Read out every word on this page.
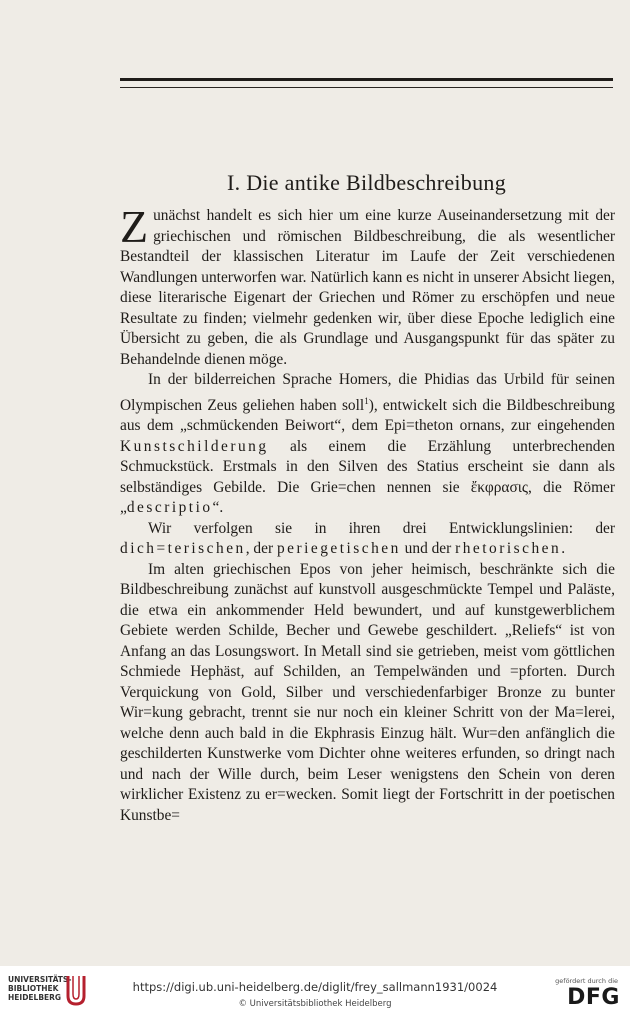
I. Die antike Bildbeschreibung

Zunächst handelt es sich hier um eine kurze Auseinandersetzung mit der griechischen und römischen Bildbeschreibung, die als wesentlicher Bestandteil der klassischen Literatur im Laufe der Zeit verschiedenen Wandlungen unterworfen war. Natürlich kann es nicht in unserer Absicht liegen, diese literarische Eigenart der Griechen und Römer zu erschöpfen und neue Resultate zu finden; vielmehr gedenken wir, über diese Epoche lediglich eine Übersicht zu geben, die als Grundlage und Ausgangspunkt für das später zu Behandelnde dienen möge.

In der bilderreichen Sprache Homers, die Phidias das Urbild für seinen Olympischen Zeus geliehen haben soll$^1$), entwickelt sich die Bildbeschreibung aus dem „schmückenden Beiwort“, dem Epi=theton ornans, zur eingehenden Kunstschilderung als einem die Erzählung unterbrechenden Schmuckstück. Erstmals in den Silven des Statius erscheint sie dann als selbständiges Gebilde. Die Grie=chen nennen sie ἔκφρασις, die Römer „descriptio“.

Wir verfolgen sie in ihren drei Entwicklungslinien: der dich=terischen, der periegetischen und der rhetorischen.

Im alten griechischen Epos von jeher heimisch, beschränkte sich die Bildbeschreibung zunächst auf kunstvoll ausgeschmückte Tempel und Paläste, die etwa ein ankommender Held bewundert, und auf kunstgewerblichem Gebiete werden Schilde, Becher und Gewebe geschildert. „Reliefs“ ist von Anfang an das Losungswort. In Metall sind sie getrieben, meist vom göttlichen Schmiede Hephäst, auf Schilden, an Tempelwänden und =pforten. Durch Verquickung von Gold, Silber und verschiedenfarbiger Bronze zu bunter Wir=kung gebracht, trennt sie nur noch ein kleiner Schritt von der Ma=lerei, welche denn auch bald in die Ekphrasis Einzug hält. Wur=den anfänglich die geschilderten Kunstwerke vom Dichter ohne weiteres erfunden, so dringt nach und nach der Wille durch, beim Leser wenigstens den Schein von deren wirklicher Existenz zu er=wecken. Somit liegt der Fortschritt in der poetischen Kunstbe=

UNIVERSITÄTS-
BIBLIOTHEK
HEIDELBERG
https://digi.ub.uni-heidelberg.de/diglit/frey_sallmann1931/0024
© Universitätsbibliothek Heidelberg
gefördert durch die
DFG
